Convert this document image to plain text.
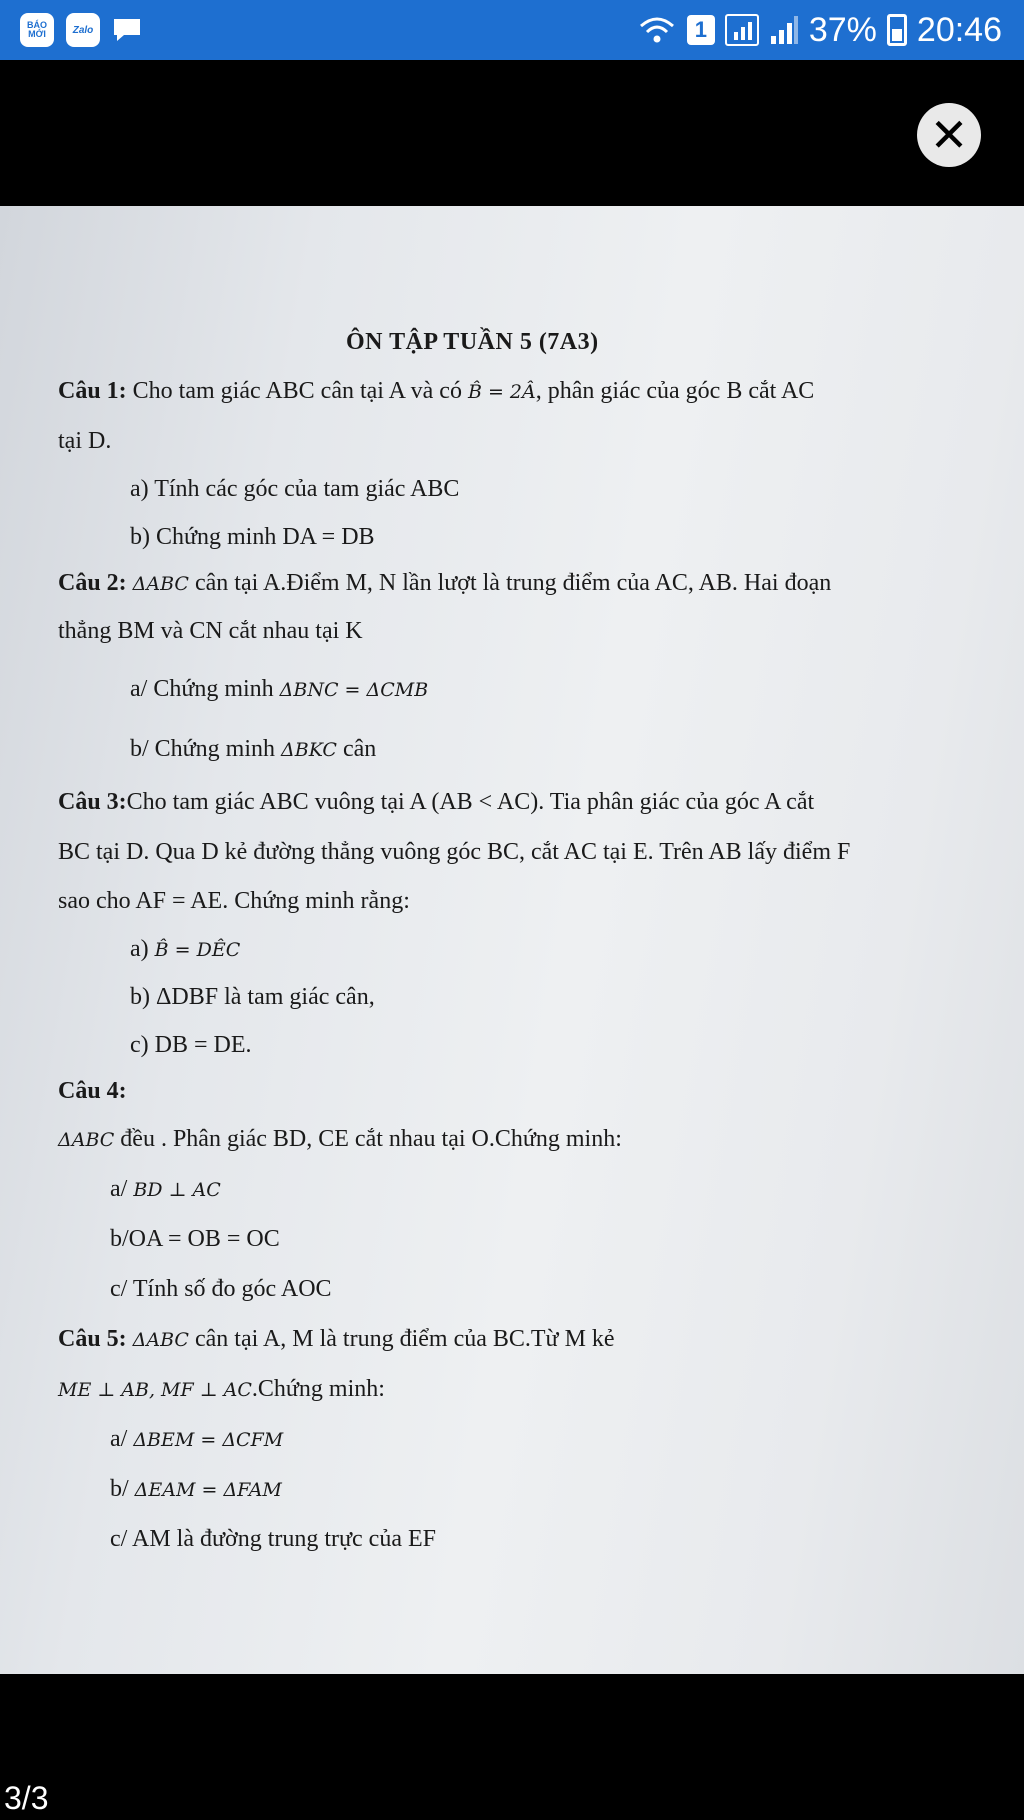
BÁO MỚI	Zalo	1	37% 20:46
✕
ÔN TẬP TUẦN 5 (7A3)
Câu 1: Cho tam giác ABC cân tại A và có B̂ = 2Â, phân giác của góc B cắt AC
tại D.
a) Tính các góc của tam giác ABC
b) Chứng minh DA = DB
Câu 2: ΔABC cân tại A.Điểm M, N lần lượt là trung điểm của AC, AB. Hai đoạn
thẳng BM và CN cắt nhau tại K
a/ Chứng minh ΔBNC = ΔCMB
b/ Chứng minh ΔBKC cân
Câu 3:Cho tam giác ABC vuông tại A (AB < AC). Tia phân giác của góc A cắt
BC tại D. Qua D kẻ đường thẳng vuông góc BC, cắt AC tại E. Trên AB lấy điểm F
sao cho AF = AE. Chứng minh rằng:
a) B̂ = DÊC
b) ΔDBF là tam giác cân,
c) DB = DE.
Câu 4:
ΔABC đều . Phân giác BD, CE cắt nhau tại O.Chứng minh:
a/ BD ⊥ AC
b/OA = OB = OC
c/ Tính số đo góc AOC
Câu 5: ΔABC cân tại A, M là trung điểm của BC.Từ M kẻ
ME ⊥ AB, MF ⊥ AC.Chứng minh:
a/ ΔBEM = ΔCFM
b/ ΔEAM = ΔFAM
c/ AM là đường trung trực của EF
3/3
